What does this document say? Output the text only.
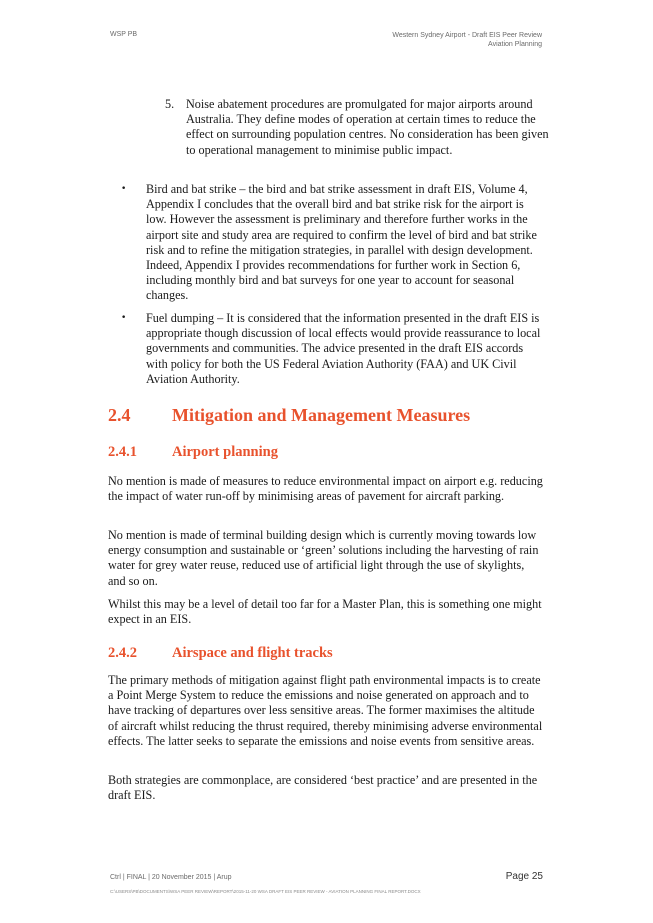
WSP PB	Western Sydney Airport - Draft EIS Peer Review
Aviation Planning
5. Noise abatement procedures are promulgated for major airports around Australia. They define modes of operation at certain times to reduce the effect on surrounding population centres. No consideration has been given to operational management to minimise public impact.
• Bird and bat strike – the bird and bat strike assessment in draft EIS, Volume 4, Appendix I concludes that the overall bird and bat strike risk for the airport is low. However the assessment is preliminary and therefore further works in the airport site and study area are required to confirm the level of bird and bat strike risk and to refine the mitigation strategies, in parallel with design development. Indeed, Appendix I provides recommendations for further work in Section 6, including monthly bird and bat surveys for one year to account for seasonal changes.
• Fuel dumping – It is considered that the information presented in the draft EIS is appropriate though discussion of local effects would provide reassurance to local governments and communities. The advice presented in the draft EIS accords with policy for both the US Federal Aviation Authority (FAA) and UK Civil Aviation Authority.
2.4 Mitigation and Management Measures
2.4.1 Airport planning
No mention is made of measures to reduce environmental impact on airport e.g. reducing the impact of water run-off by minimising areas of pavement for aircraft parking.
No mention is made of terminal building design which is currently moving towards low energy consumption and sustainable or ‘green’ solutions including the harvesting of rain water for grey water reuse, reduced use of artificial light through the use of skylights, and so on.
Whilst this may be a level of detail too far for a Master Plan, this is something one might expect in an EIS.
2.4.2 Airspace and flight tracks
The primary methods of mitigation against flight path environmental impacts is to create a Point Merge System to reduce the emissions and noise generated on approach and to have tracking of departures over less sensitive areas. The former maximises the altitude of aircraft whilst reducing the thrust required, thereby minimising adverse environmental effects. The latter seeks to separate the emissions and noise events from sensitive areas.
Both strategies are commonplace, are considered ‘best practice’ and are presented in the draft EIS.
Ctrl | FINAL | 20 November 2015 | Arup	Page 25
C:\USERS\PB\DOCUMENTS\WSA PEER REVIEW\REPORT\2015-11-20 WSA DRAFT EIS PEER REVIEW - AVIATION PLANNING FINAL REPORT.DOCX
